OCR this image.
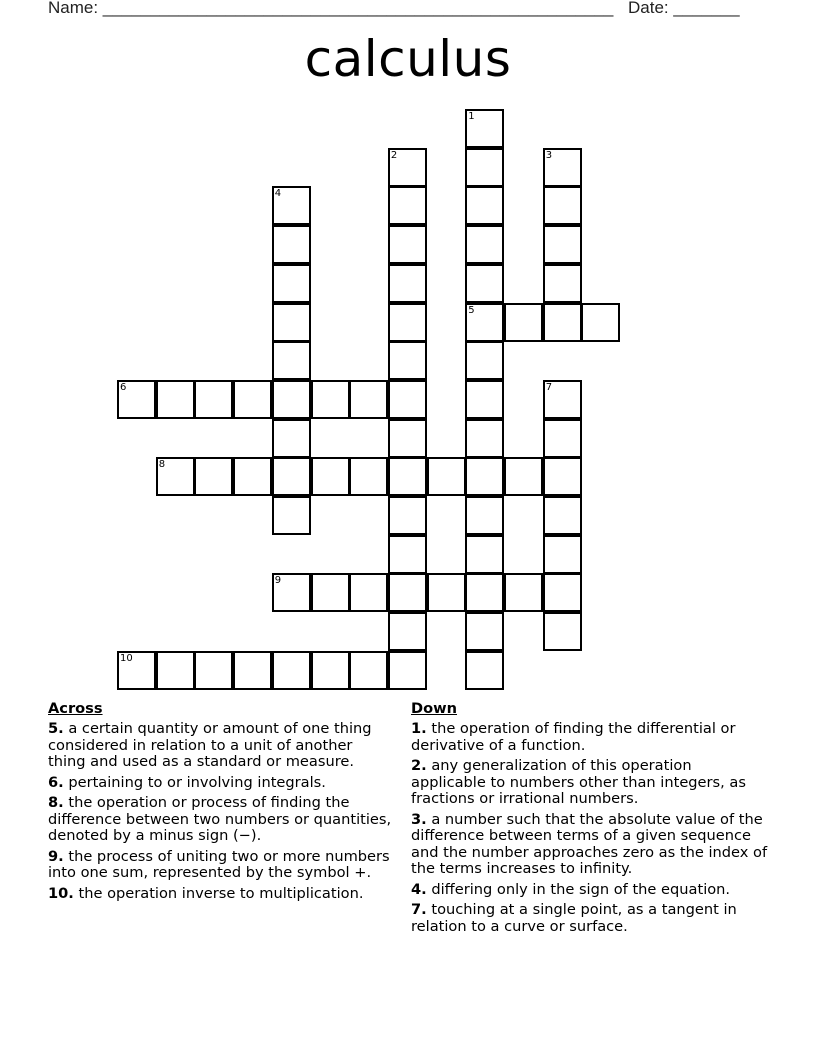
Name: ______________________________________________________ Date: _______
calculus
1
5
2	3
4
6	7
8
9
10
Across
5. a certain quantity or amount of one thing considered in relation to a unit of another thing and used as a standard or measure.
6. pertaining to or involving integrals.
8. the operation or process of finding the difference between two numbers or quantities, denoted by a minus sign (−).
9. the process of uniting two or more numbers into one sum, represented by the symbol +.
10. the operation inverse to multiplication.
Down
1. the operation of finding the differential or derivative of a function.
2. any generalization of this operation applicable to numbers other than integers, as fractions or irrational numbers.
3. a number such that the absolute value of the difference between terms of a given sequence and the number approaches zero as the index of the terms increases to infinity.
4. differing only in the sign of the equation.
7. touching at a single point, as a tangent in relation to a curve or surface.
